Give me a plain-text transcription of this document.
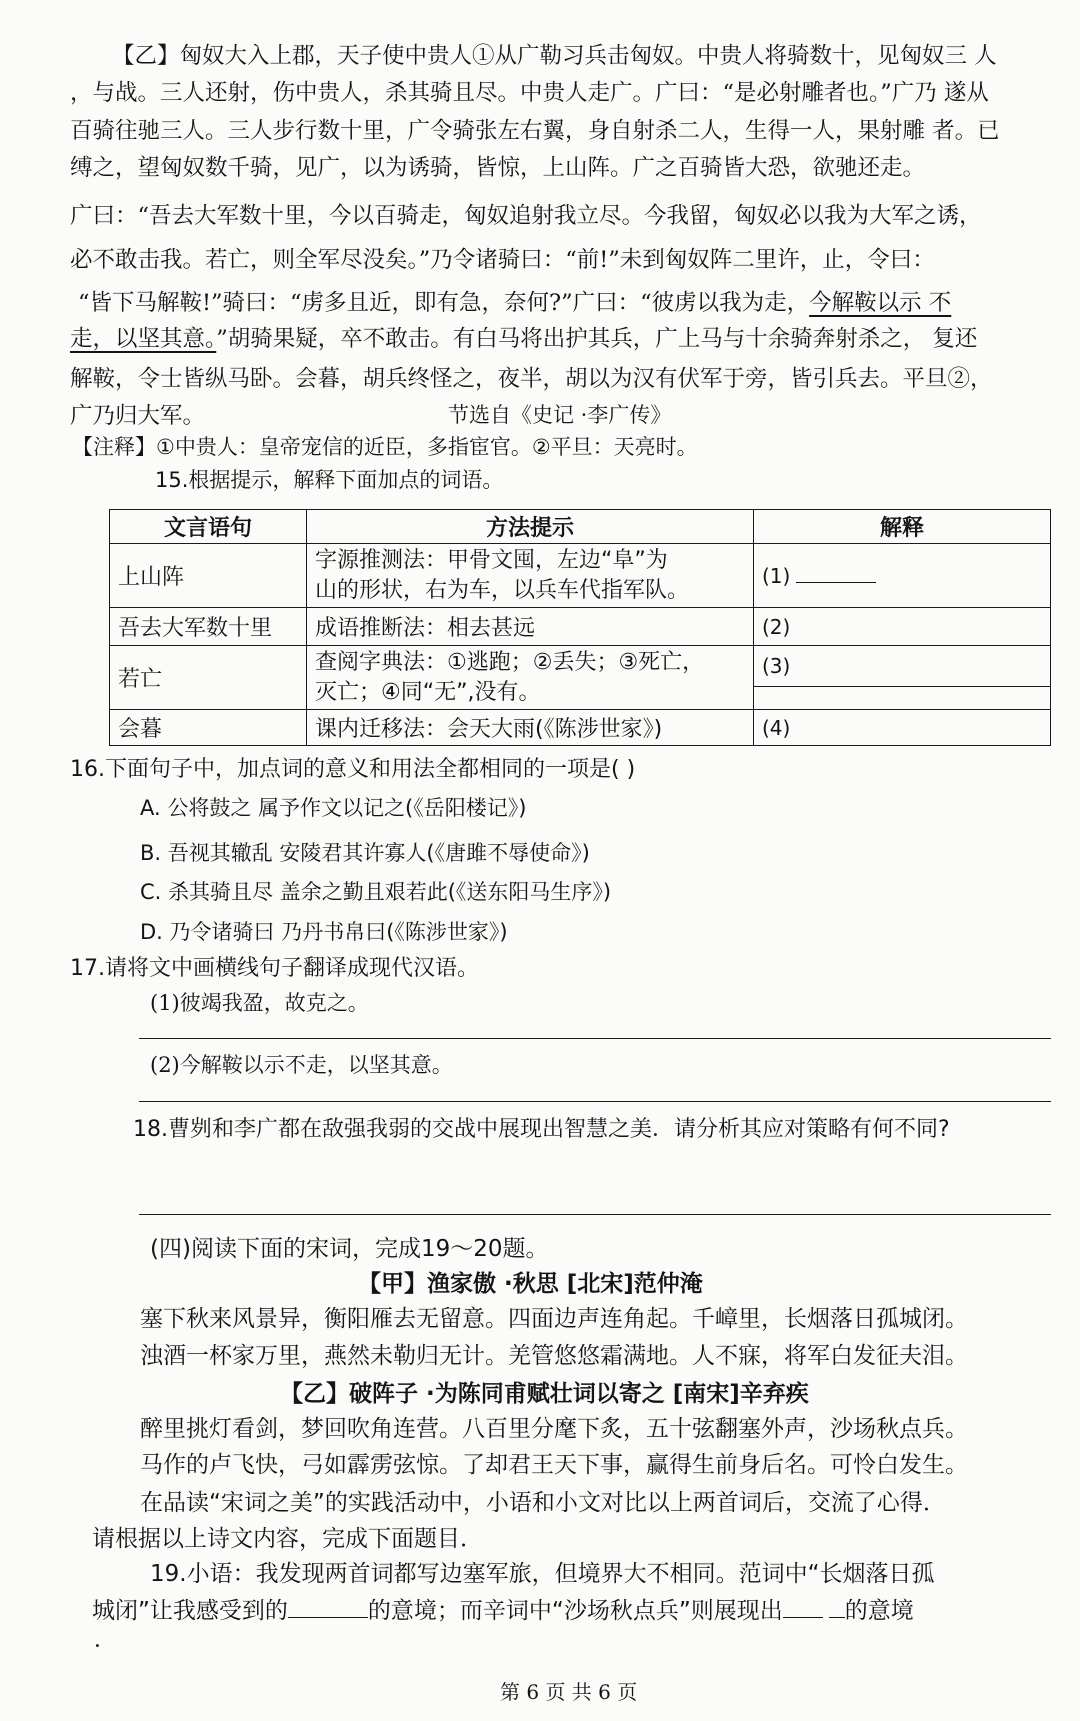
【乙】匈奴大入上郡，天子使中贵人①从广勒习兵击匈奴。中贵人将骑数十，见匈奴三 人
，与战。三人还射，伤中贵人，杀其骑且尽。中贵人走广。广曰：“是必射雕者也。”广乃 遂从
百骑往驰三人。三人步行数十里，广令骑张左右翼，身自射杀二人，生得一人，果射雕 者。已
缚之，望匈奴数千骑，见广，以为诱骑，皆惊，上山阵。广之百骑皆大恐，欲驰还走。
广曰：“吾去大军数十里，今以百骑走，匈奴追射我立尽。今我留，匈奴必以我为大军之诱，
必不敢击我。若亡，则全军尽没矣。”乃令诸骑曰：“前!”未到匈奴阵二里许，止，令曰：
“皆下马解鞍!”骑曰：“虏多且近，即有急，奈何?”广曰：“彼虏以我为走，今解鞍以示 不
走，以坚其意。”胡骑果疑，卒不敢击。有白马将出护其兵，广上马与十余骑奔射杀之， 复还
解鞍，令士皆纵马卧。会暮，胡兵终怪之，夜半，胡以为汉有伏军于旁，皆引兵去。平旦②，
广乃归大军。	节选自《史记 ·李广传》
【注释】①中贵人：皇帝宠信的近臣，多指宦官。②平旦：天亮时。
15.根据提示，解释下面加点的词语。
文言语句	方法提示	解释
上山阵	字源推测法：甲骨文囤，左边“阜”为
山的形状，右为车，以兵车代指军队。	(1)
吾去大军数十里	成语推断法：相去甚远	(2)
若亡	查阅字典法：①逃跑；②丢失；③死亡，
灭亡；④同“无”,没有。	(3)

会暮	课内迁移法：会天大雨(《陈涉世家》)	(4)
16.下面句子中，加点词的意义和用法全都相同的一项是( )
A. 公将鼓之 属予作文以记之(《岳阳楼记》)
B. 吾视其辙乱 安陵君其许寡人(《唐雎不辱使命》)
C. 杀其骑且尽 盖余之勤且艰若此(《送东阳马生序》)
D. 乃令诸骑曰 乃丹书帛曰(《陈涉世家》)
17.请将文中画横线句子翻译成现代汉语。
(1)彼竭我盈，故克之。
(2)今解鞍以示不走，以坚其意。
18.曹刿和李广都在敌强我弱的交战中展现出智慧之美．请分析其应对策略有何不同?
(四)阅读下面的宋词，完成19～20题。
【甲】渔家傲 ·秋思 [北宋]范仲淹
塞下秋来风景异，衡阳雁去无留意。四面边声连角起。千嶂里，长烟落日孤城闭。
浊酒一杯家万里，燕然未勒归无计。羌管悠悠霜满地。人不寐，将军白发征夫泪。
【乙】破阵子 ·为陈同甫赋壮词以寄之 [南宋]辛弃疾
醉里挑灯看剑，梦回吹角连营。八百里分麾下炙，五十弦翻塞外声，沙场秋点兵。
马作的卢飞快，弓如霹雳弦惊。了却君王天下事，赢得生前身后名。可怜白发生。
在品读“宋词之美”的实践活动中，小语和小文对比以上两首词后，交流了心得．
请根据以上诗文内容，完成下面题目．
19.小语：我发现两首词都写边塞军旅，但境界大不相同。范词中“长烟落日孤
城闭”让我感受到的	的意境；而辛词中“沙场秋点兵”则展现出	的意境
．
第 6 页 共 6 页
